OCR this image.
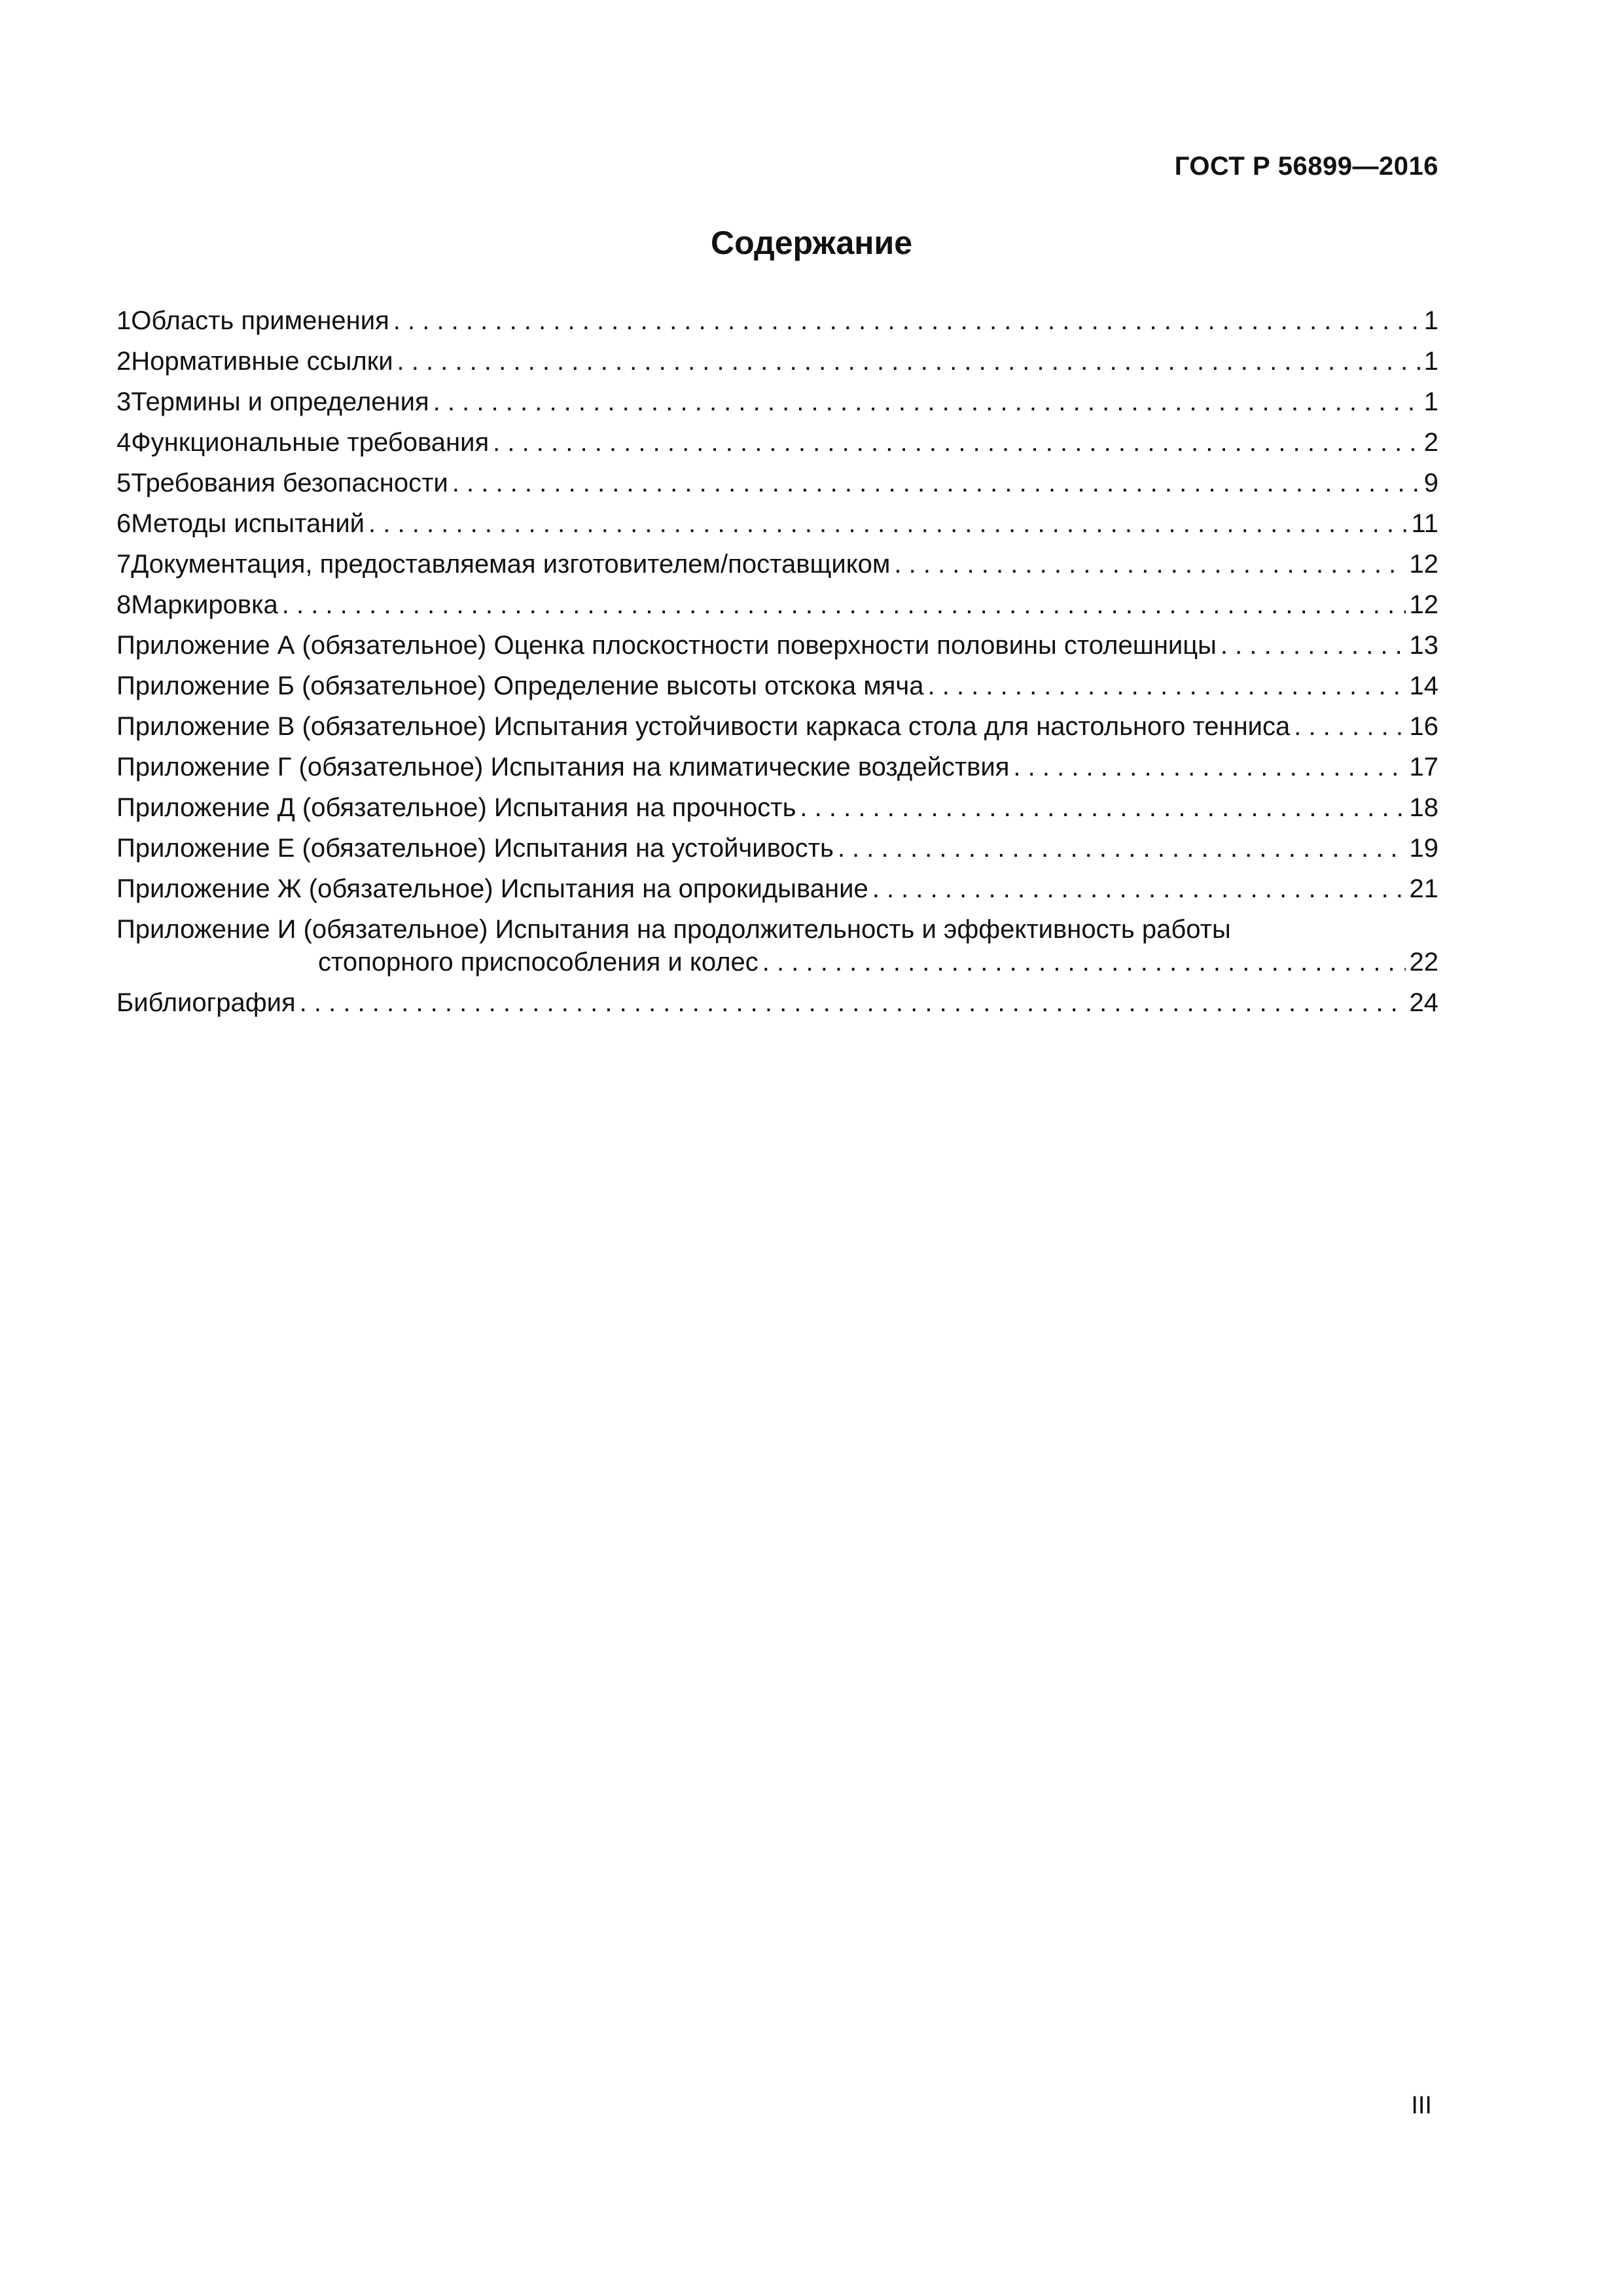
ГОСТ Р 56899—2016
Содержание
1 Область применения . . .	1
2 Нормативные ссылки . . .	1
3 Термины и определения . . .	1
4 Функциональные требования . . .	2
5 Требования безопасности . . .	9
6 Методы испытаний . . .	11
7 Документация, предоставляемая изготовителем/поставщиком . . .	12
8 Маркировка . . .	12
Приложение А (обязательное) Оценка плоскостности поверхности половины столешницы . . .	13
Приложение Б (обязательное) Определение высоты отскока мяча . . .	14
Приложение В (обязательное) Испытания устойчивости каркаса стола для настольного тенниса . . .	16
Приложение Г (обязательное) Испытания на климатические воздействия . . .	17
Приложение Д (обязательное) Испытания на прочность . . .	18
Приложение Е (обязательное) Испытания на устойчивость . . .	19
Приложение Ж (обязательное) Испытания на опрокидывание . . .	21
Приложение И (обязательное) Испытания на продолжительность и эффективность работы
стопорного приспособления и колес . . .	22
Библиография . . .	24
III
